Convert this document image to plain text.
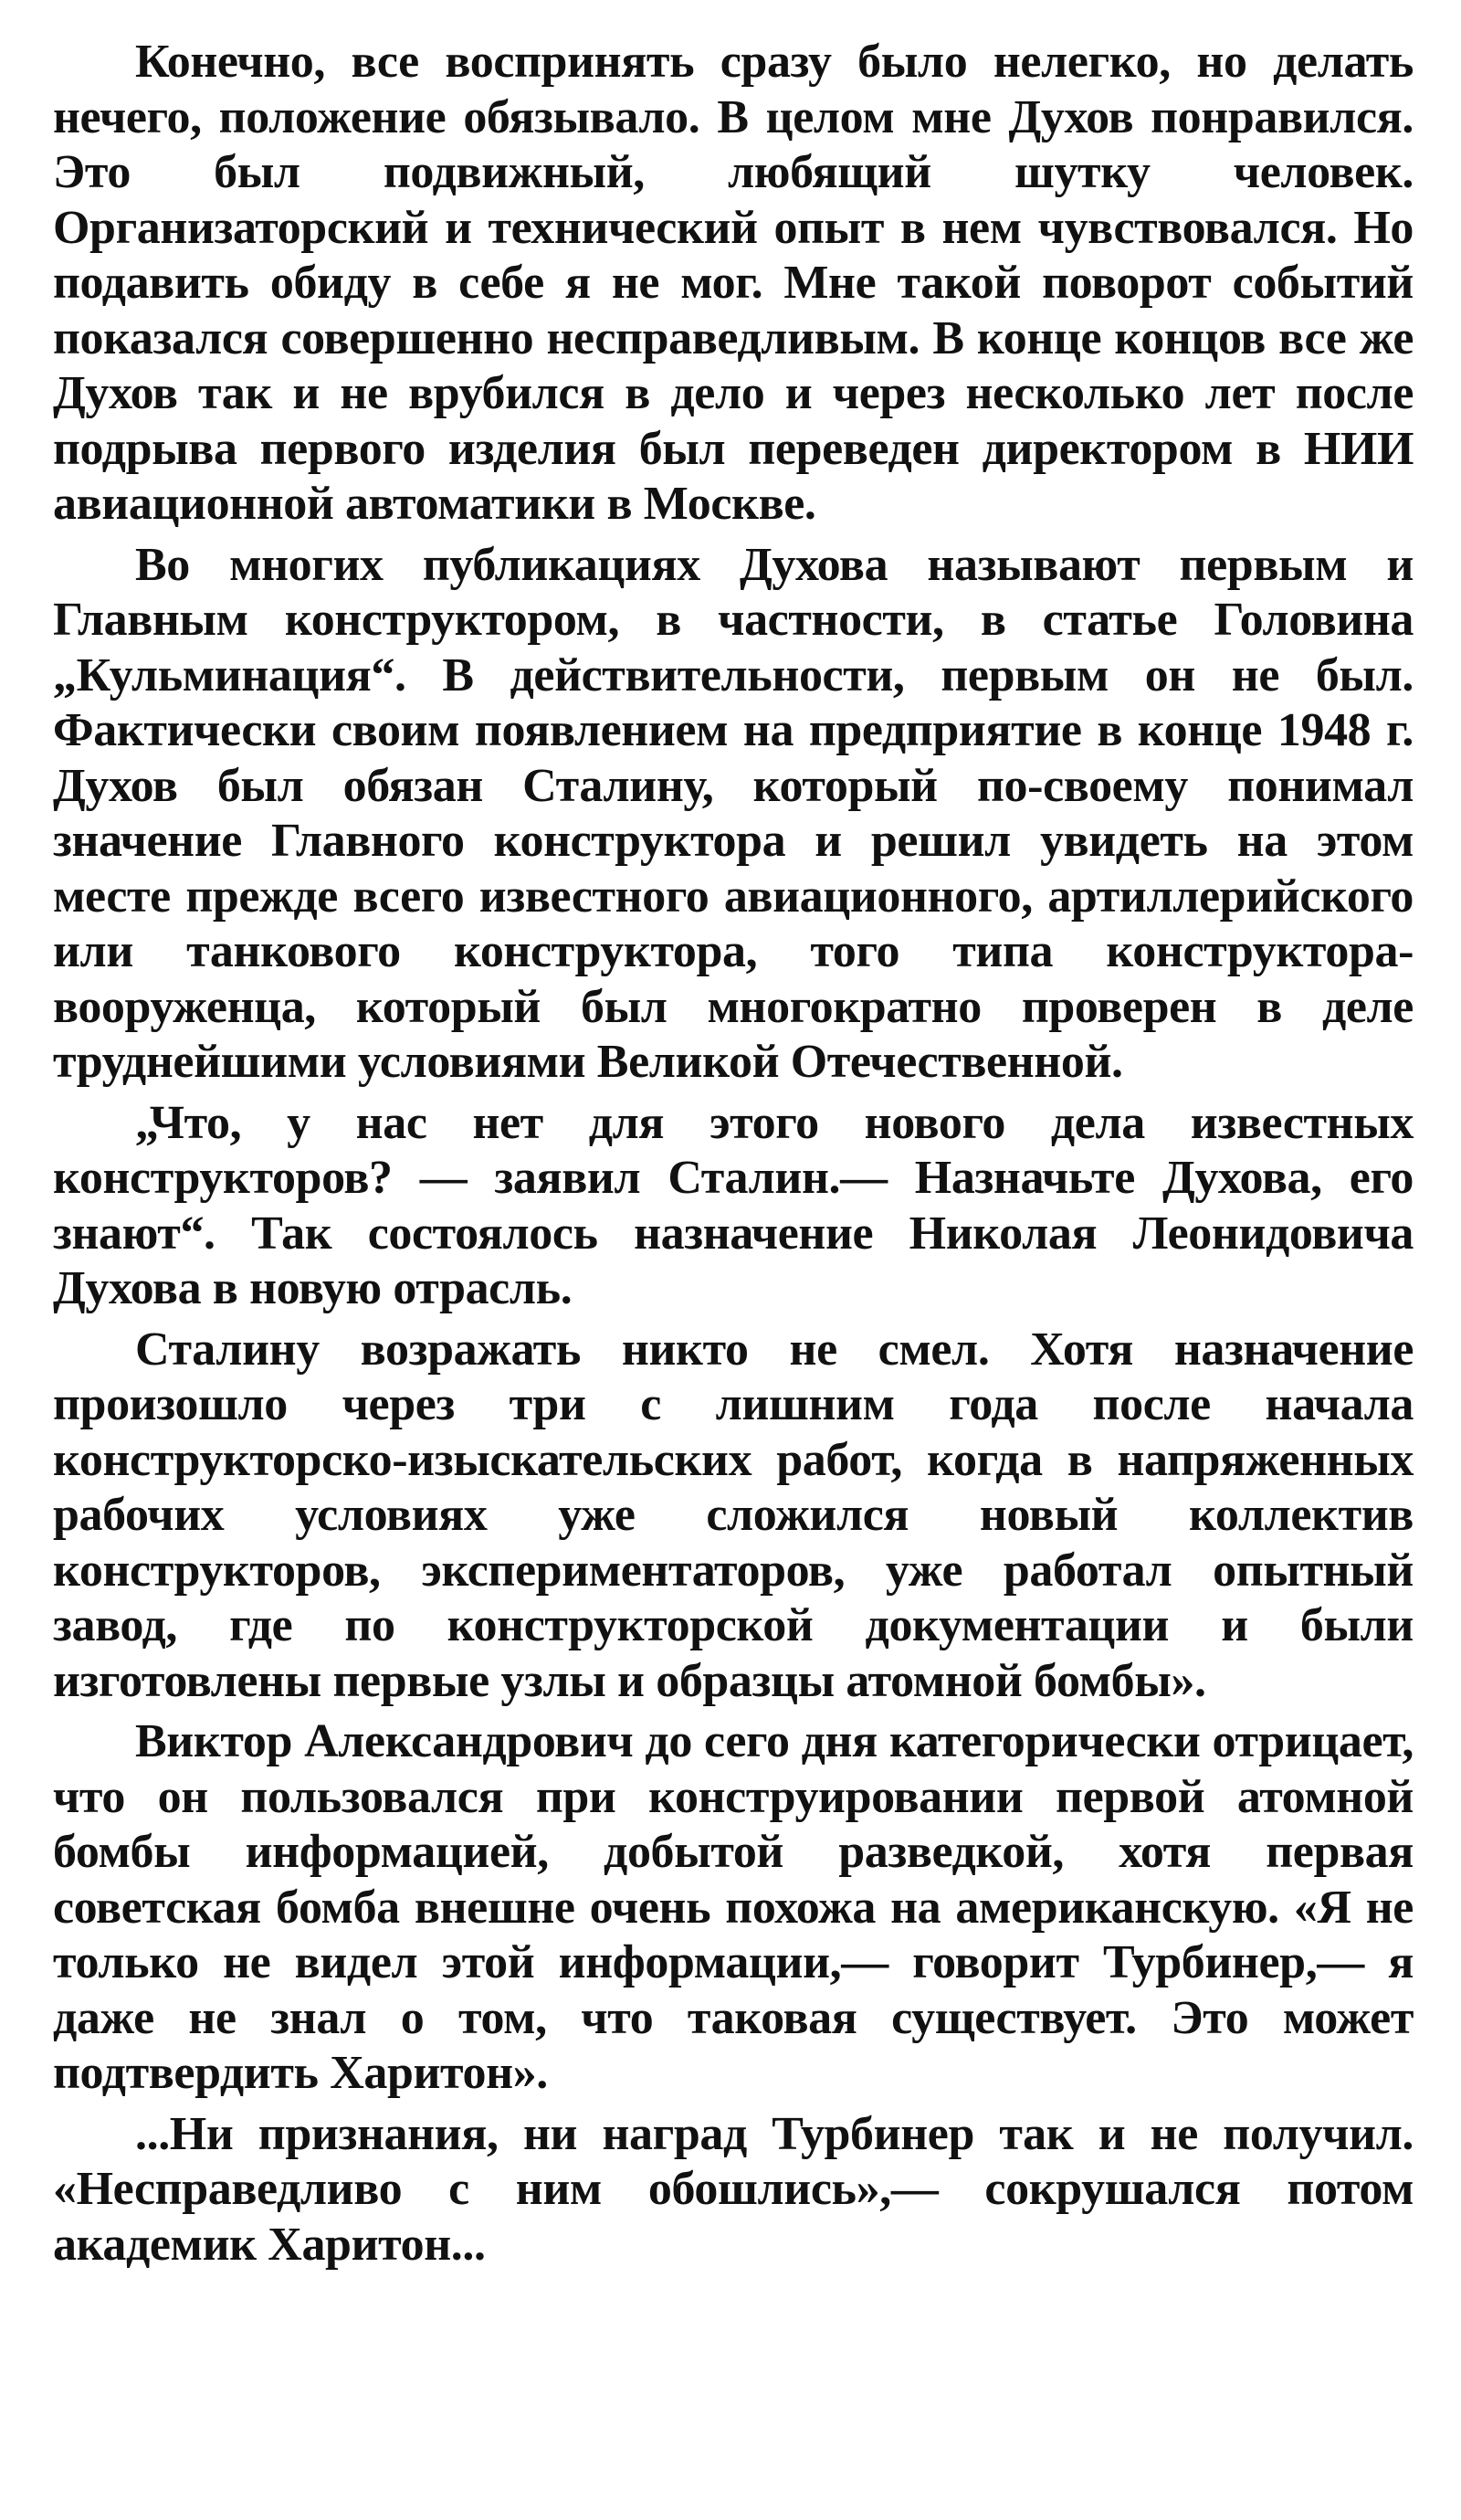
Конечно, все воспринять сразу было нелегко, но делать нечего, положение обязывало. В целом мне Духов понравился. Это был подвижный, любящий шутку человек. Организаторский и технический опыт в нем чувствовался. Но подавить обиду в себе я не мог. Мне такой поворот событий показался совершенно несправедливым. В конце концов все же Духов так и не врубился в дело и через несколько лет после подрыва первого изделия был переведен директором в НИИ авиационной автоматики в Москве.

Во многих публикациях Духова называют первым и Главным конструктором, в частности, в статье Головина „Кульминация“. В действительности, первым он не был. Фактически своим появлением на предприятие в конце 1948 г. Духов был обязан Сталину, который по-своему понимал значение Главного конструктора и решил увидеть на этом месте прежде всего известного авиационного, артиллерийского или танкового конструктора, того типа конструктора-вооруженца, который был многократно проверен в деле труднейшими условиями Великой Отечественной.

„Что, у нас нет для этого нового дела известных конструкторов? — заявил Сталин.— Назначьте Духова, его знают“. Так состоялось назначение Николая Леонидовича Духова в новую отрасль.

Сталину возражать никто не смел. Хотя назначение произошло через три с лишним года после начала конструкторско-изыскательских работ, когда в напряженных рабочих условиях уже сложился новый коллектив конструкторов, экспериментаторов, уже работал опытный завод, где по конструкторской документации и были изготовлены первые узлы и образцы атомной бомбы».

Виктор Александрович до сего дня категорически отрицает, что он пользовался при конструировании первой атомной бомбы информацией, добытой разведкой, хотя первая советская бомба внешне очень похожа на американскую. «Я не только не видел этой информации,— говорит Турбинер,— я даже не знал о том, что таковая существует. Это может подтвердить Харитон».

...Ни признания, ни наград Турбинер так и не получил. «Несправедливо с ним обошлись»,— сокрушался потом академик Харитон...
